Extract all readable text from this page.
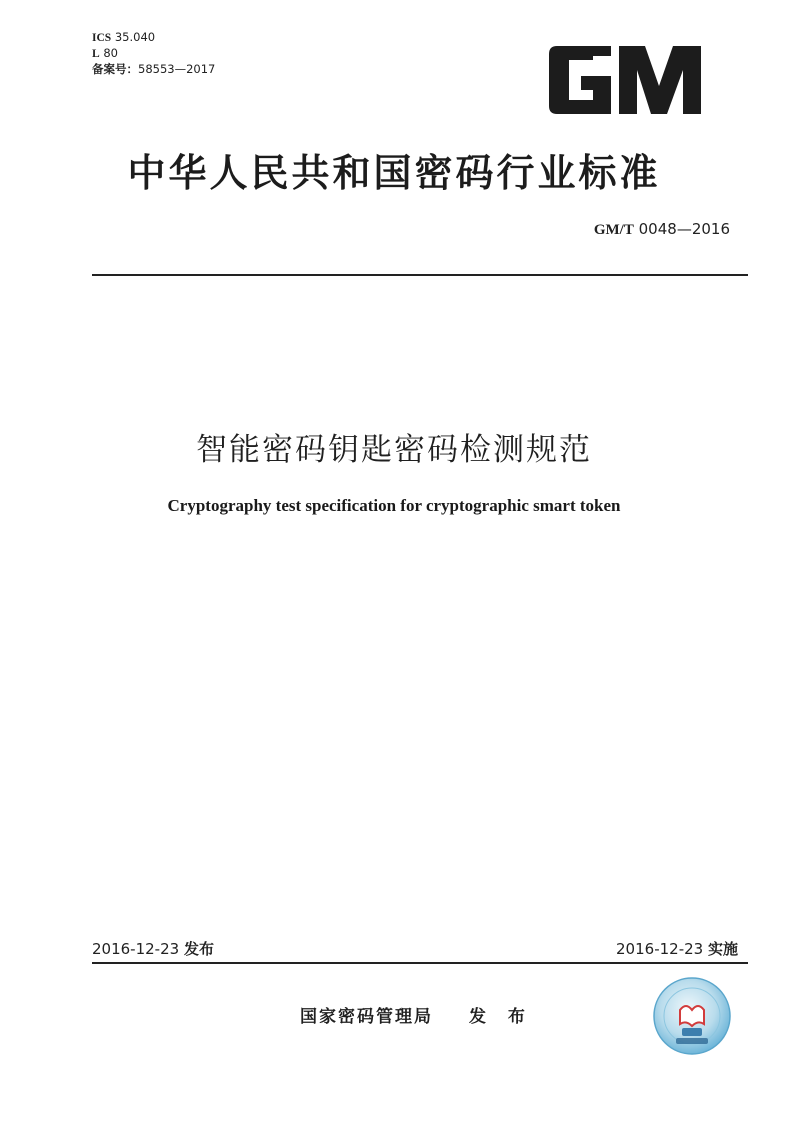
ICS 35.040
L 80
备案号：58553—2017
中华人民共和国密码行业标准
GM/T 0048—2016
智能密码钥匙密码检测规范
Cryptography test specification for cryptographic smart token
2016-12-23 发布	2016-12-23 实施
国家密码管理局 发 布
